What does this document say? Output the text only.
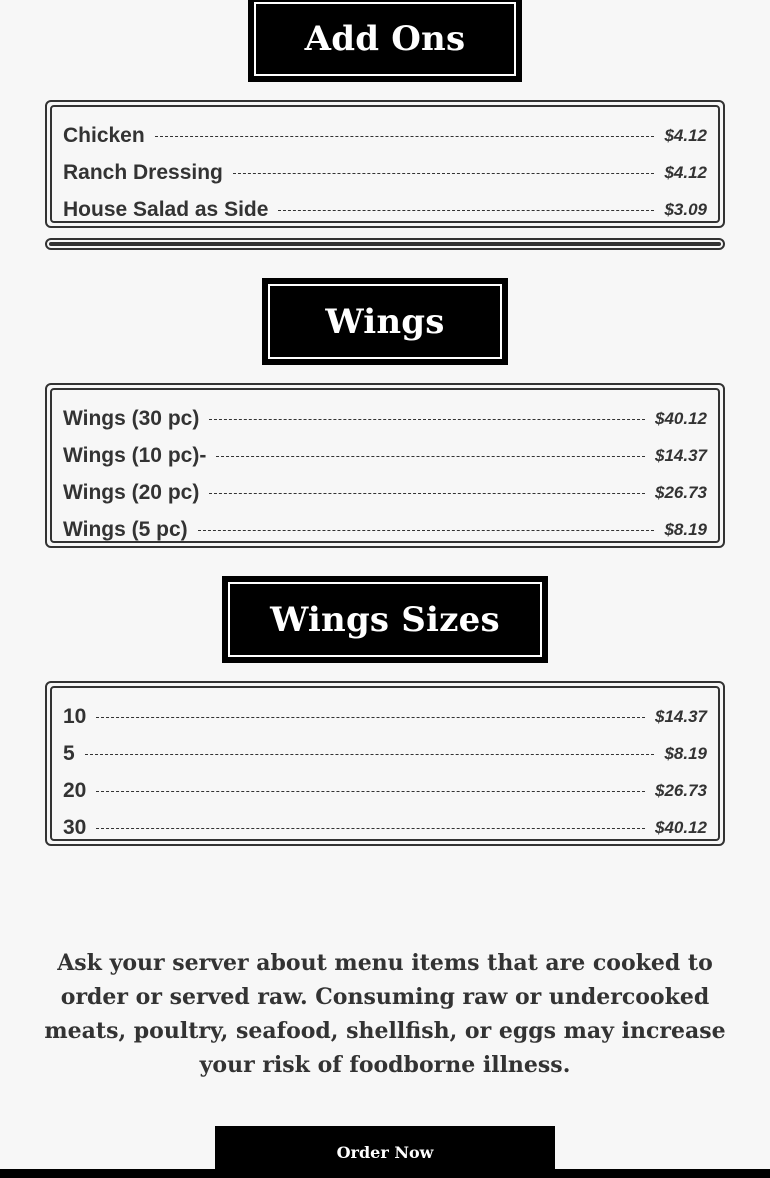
Add Ons
Chicken	$4.12
Ranch Dressing	$4.12
House Salad as Side	$3.09
Wings
Wings (30 pc)	$40.12
Wings (10 pc)-	$14.37
Wings (20 pc)	$26.73
Wings (5 pc)	$8.19
Wings Sizes
10	$14.37
5	$8.19
20	$26.73
30	$40.12
Ask your server about menu items that are cooked to order or served raw. Consuming raw or undercooked meats, poultry, seafood, shellfish, or eggs may increase your risk of foodborne illness.
Order Now
